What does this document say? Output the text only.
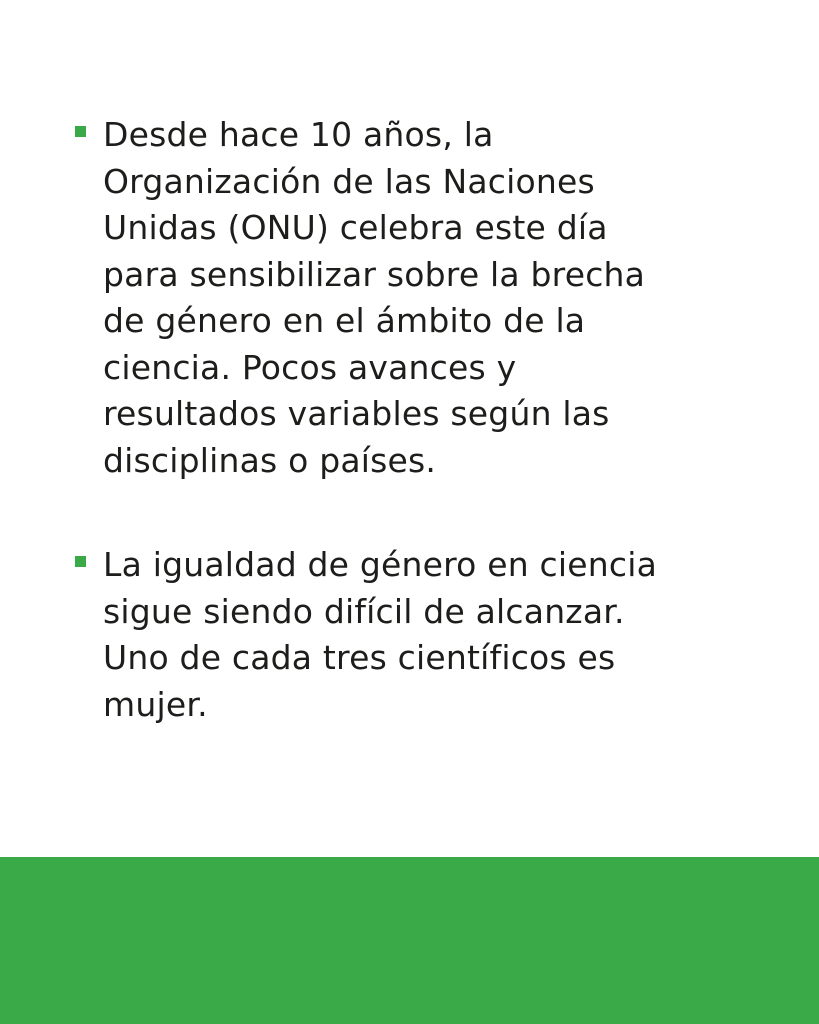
Desde hace 10 años, la
Organización de las Naciones
Unidas (ONU) celebra este día
para sensibilizar sobre la brecha
de género en el ámbito de la
ciencia. Pocos avances y
resultados variables según las
disciplinas o países.
La igualdad de género en ciencia
sigue siendo difícil de alcanzar.
Uno de cada tres científicos es
mujer.
